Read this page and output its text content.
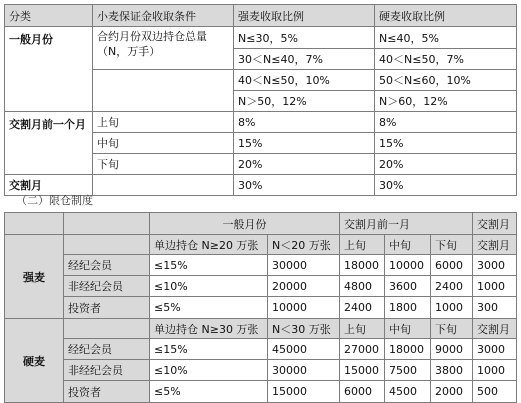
分类	小麦保证金收取条件	强麦收取比例	硬麦收取比例
一般月份	合约月份双边持仓总量（N，万手）	N≤30，5%	N≤40，5%
		30＜N≤40，7%	40＜N≤50，7%
		40＜N≤50，10%	50＜N≤60，10%
		N＞50，12%	N＞60，12%
交割月前一个月	上旬	8%	8%
	中旬	15%	15%
	下旬	20%	20%
交割月		30%	30%
（二）限仓制度
		一般月份		交割月前一月			交割月
强麦		单边持仓 N≥20 万张	N＜20 万张	上旬	中旬	下旬	交割月
	经纪会员	≤15%	30000	18000	10000	6000	3000
	非经纪会员	≤10%	20000	4800	3600	2400	1000
	投资者	≤5%	10000	2400	1800	1000	300
硬麦		单边持仓 N≥30 万张	N＜30 万张	上旬	中旬	下旬	交割月
	经纪会员	≤15%	45000	27000	18000	9000	3000
	非经纪会员	≤10%	30000	15000	7500	3800	1000
	投资者	≤5%	15000	6000	4500	2000	500
